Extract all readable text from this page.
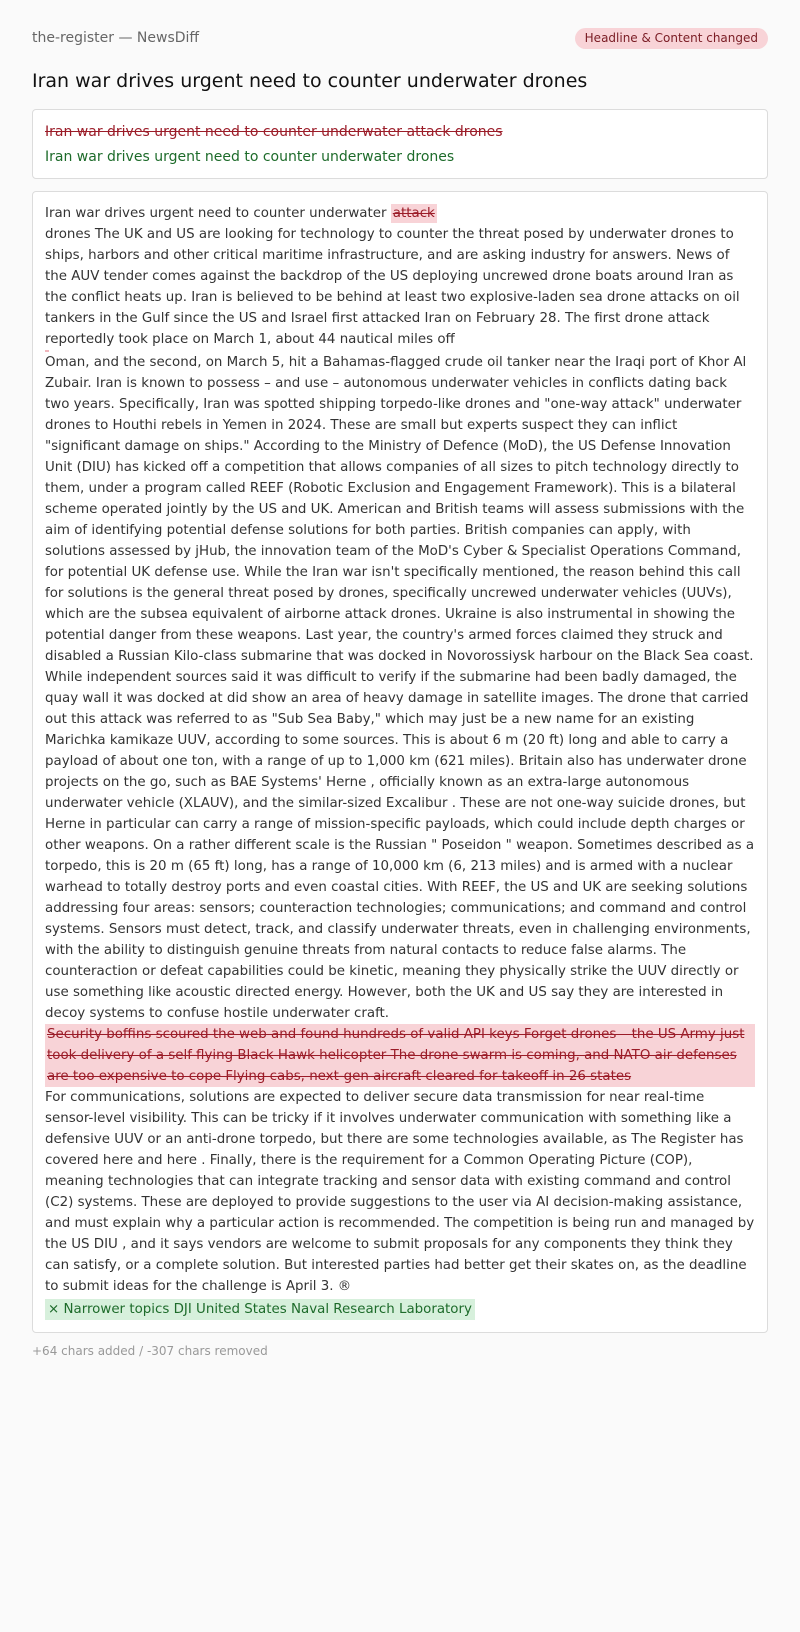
the-register — NewsDiff	Headline & Content changed
Iran war drives urgent need to counter underwater drones
Iran war drives urgent need to counter underwater attack drones
Iran war drives urgent need to counter underwater drones
Iran war drives urgent need to counter underwater attack
drones The UK and US are looking for technology to counter the threat posed by underwater drones to ships, harbors and other critical maritime infrastructure, and are asking industry for answers. News of the AUV tender comes against the backdrop of the US deploying uncrewed drone boats around Iran as the conflict heats up. Iran is believed to be behind at least two explosive-laden sea drone attacks on oil tankers in the Gulf since the US and Israel first attacked Iran on February 28. The first drone attack reportedly took place on March 1, about 44 nautical miles off
Oman, and the second, on March 5, hit a Bahamas-flagged crude oil tanker near the Iraqi port of Khor Al Zubair. Iran is known to possess – and use – autonomous underwater vehicles in conflicts dating back two years. Specifically, Iran was spotted shipping torpedo-like drones and "one-way attack" underwater drones to Houthi rebels in Yemen in 2024. These are small but experts suspect they can inflict "significant damage on ships." According to the Ministry of Defence (MoD), the US Defense Innovation Unit (DIU) has kicked off a competition that allows companies of all sizes to pitch technology directly to them, under a program called REEF (Robotic Exclusion and Engagement Framework). This is a bilateral scheme operated jointly by the US and UK. American and British teams will assess submissions with the aim of identifying potential defense solutions for both parties. British companies can apply, with solutions assessed by jHub, the innovation team of the MoD's Cyber & Specialist Operations Command, for potential UK defense use. While the Iran war isn't specifically mentioned, the reason behind this call for solutions is the general threat posed by drones, specifically uncrewed underwater vehicles (UUVs), which are the subsea equivalent of airborne attack drones. Ukraine is also instrumental in showing the potential danger from these weapons. Last year, the country's armed forces claimed they struck and disabled a Russian Kilo-class submarine that was docked in Novorossiysk harbour on the Black Sea coast. While independent sources said it was difficult to verify if the submarine had been badly damaged, the quay wall it was docked at did show an area of heavy damage in satellite images. The drone that carried out this attack was referred to as "Sub Sea Baby," which may just be a new name for an existing Marichka kamikaze UUV, according to some sources. This is about 6 m (20 ft) long and able to carry a payload of about one ton, with a range of up to 1,000 km (621 miles). Britain also has underwater drone projects on the go, such as BAE Systems' Herne , officially known as an extra-large autonomous underwater vehicle (XLAUV), and the similar-sized Excalibur . These are not one-way suicide drones, but Herne in particular can carry a range of mission-specific payloads, which could include depth charges or other weapons. On a rather different scale is the Russian " Poseidon " weapon. Sometimes described as a torpedo, this is 20 m (65 ft) long, has a range of 10,000 km (6, 213 miles) and is armed with a nuclear warhead to totally destroy ports and even coastal cities. With REEF, the US and UK are seeking solutions addressing four areas: sensors; counteraction technologies; communications; and command and control systems. Sensors must detect, track, and classify underwater threats, even in challenging environments, with the ability to distinguish genuine threats from natural contacts to reduce false alarms. The counteraction or defeat capabilities could be kinetic, meaning they physically strike the UUV directly or use something like acoustic directed energy. However, both the UK and US say they are interested in decoy systems to confuse hostile underwater craft.
Security boffins scoured the web and found hundreds of valid API keys Forget drones – the US Army just took delivery of a self-flying Black Hawk helicopter The drone swarm is coming, and NATO air defenses are too expensive to cope Flying cabs, next-gen aircraft cleared for takeoff in 26 states
For communications, solutions are expected to deliver secure data transmission for near real-time sensor-level visibility. This can be tricky if it involves underwater communication with something like a defensive UUV or an anti-drone torpedo, but there are some technologies available, as The Register has covered here and here . Finally, there is the requirement for a Common Operating Picture (COP), meaning technologies that can integrate tracking and sensor data with existing command and control (C2) systems. These are deployed to provide suggestions to the user via AI decision-making assistance, and must explain why a particular action is recommended. The competition is being run and managed by the US DIU , and it says vendors are welcome to submit proposals for any components they think they can satisfy, or a complete solution. But interested parties had better get their skates on, as the deadline to submit ideas for the challenge is April 3. ®
× Narrower topics DJI United States Naval Research Laboratory
+64 chars added / -307 chars removed
